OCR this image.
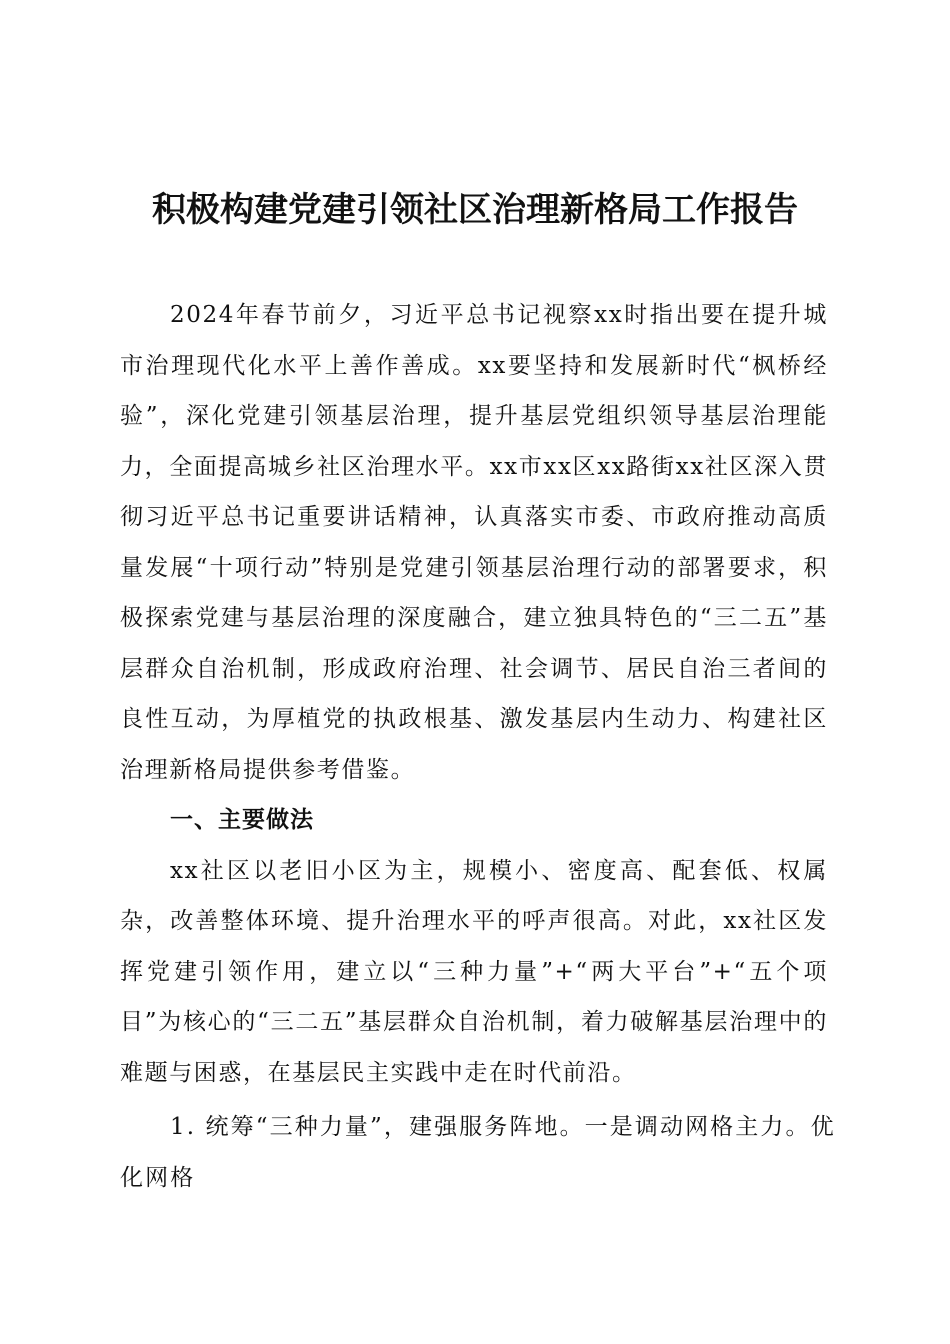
积极构建党建引领社区治理新格局工作报告

2024年春节前夕，习近平总书记视察xx时指出要在提升城市治理现代化水平上善作善成。xx要坚持和发展新时代“枫桥经验”，深化党建引领基层治理，提升基层党组织领导基层治理能力，全面提高城乡社区治理水平。xx市xx区xx路街xx社区深入贯彻习近平总书记重要讲话精神，认真落实市委、市政府推动高质量发展“十项行动”特别是党建引领基层治理行动的部署要求，积极探索党建与基层治理的深度融合，建立独具特色的“三二五”基层群众自治机制，形成政府治理、社会调节、居民自治三者间的良性互动，为厚植党的执政根基、激发基层内生动力、构建社区治理新格局提供参考借鉴。

一、主要做法

xx社区以老旧小区为主，规模小、密度高、配套低、权属杂，改善整体环境、提升治理水平的呼声很高。对此，xx社区发挥党建引领作用，建立以“三种力量”+“两大平台”+“五个项目”为核心的“三二五”基层群众自治机制，着力破解基层治理中的难题与困惑，在基层民主实践中走在时代前沿。

1. 统筹“三种力量”，建强服务阵地。一是调动网格主力。优化网格
